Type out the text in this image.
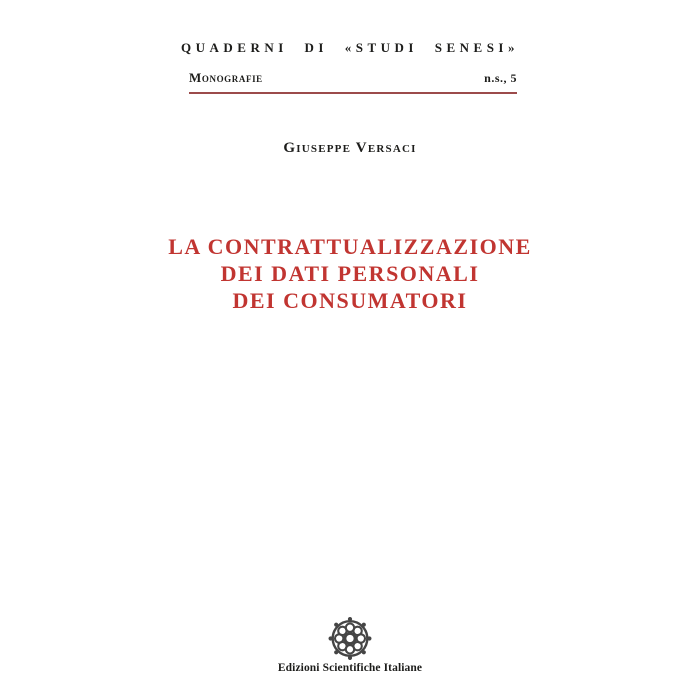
QUADERNI DI «STUDI SENESI»
Monografie	n.s., 5
Giuseppe Versaci
LA CONTRATTUALIZZAZIONE
DEI DATI PERSONALI
DEI CONSUMATORI
Edizioni Scientifiche Italiane
